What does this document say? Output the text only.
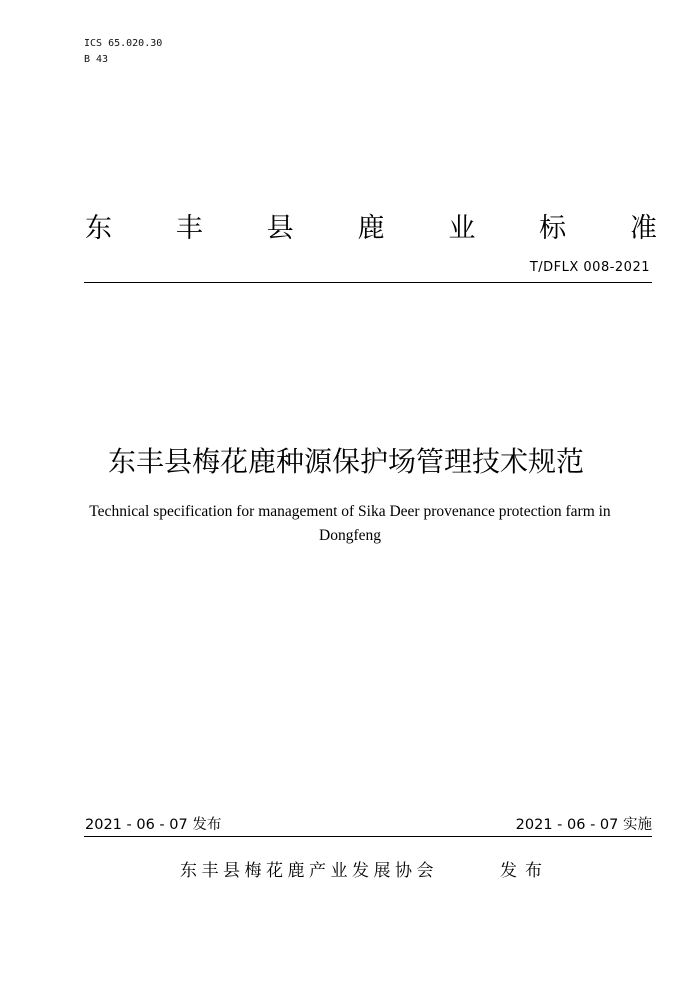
ICS 65.020.30
B 43
东 丰 县 鹿 业 标 准
T/DFLX 008-2021
东丰县梅花鹿种源保护场管理技术规范
Technical specification for management of Sika Deer provenance protection farm in
Dongfeng
2021 - 06 - 07 发布	2021 - 06 - 07 实施
东丰县梅花鹿产业发展协会	发布
